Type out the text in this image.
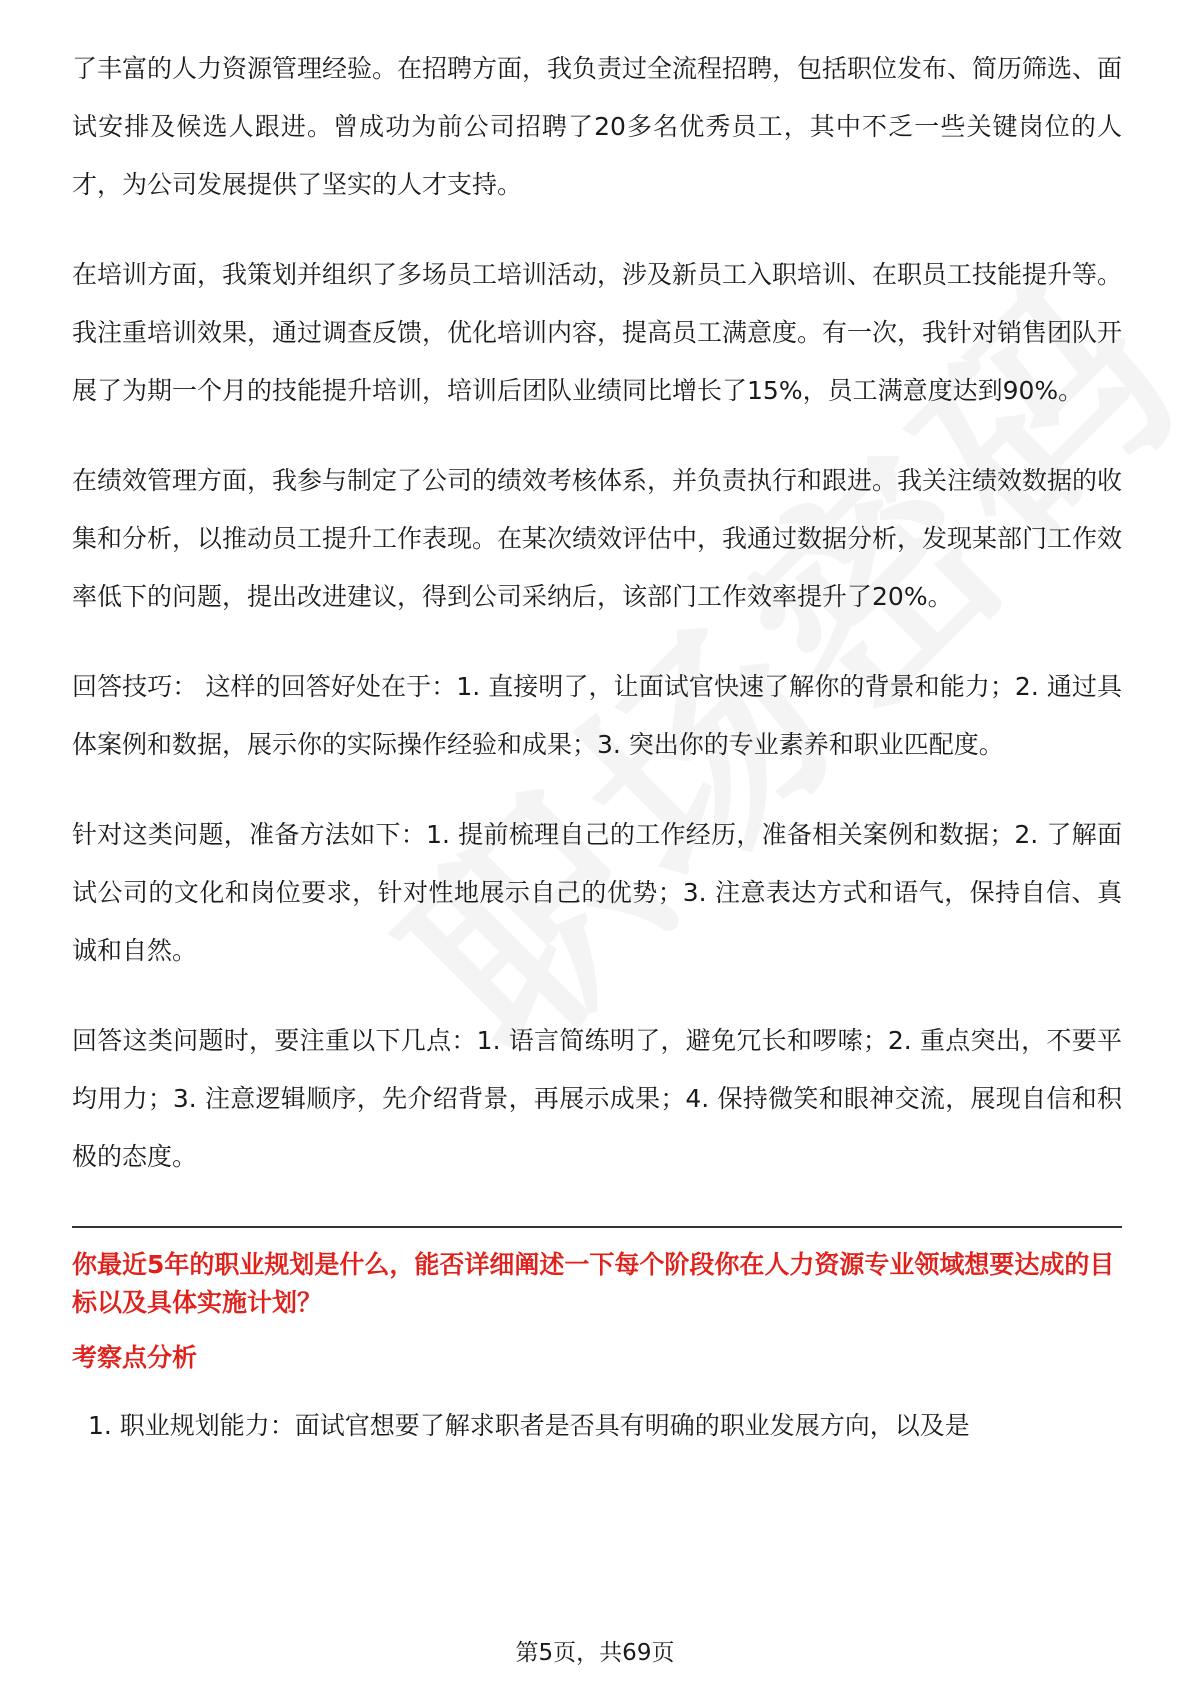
了丰富的人力资源管理经验。在招聘方面，我负责过全流程招聘，包括职位发布、简历筛选、面试安排及候选人跟进。曾成功为前公司招聘了20多名优秀员工，其中不乏一些关键岗位的人才，为公司发展提供了坚实的人才支持。

在培训方面，我策划并组织了多场员工培训活动，涉及新员工入职培训、在职员工技能提升等。我注重培训效果，通过调查反馈，优化培训内容，提高员工满意度。有一次，我针对销售团队开展了为期一个月的技能提升培训，培训后团队业绩同比增长了15%，员工满意度达到90%。

在绩效管理方面，我参与制定了公司的绩效考核体系，并负责执行和跟进。我关注绩效数据的收集和分析，以推动员工提升工作表现。在某次绩效评估中，我通过数据分析，发现某部门工作效率低下的问题，提出改进建议，得到公司采纳后，该部门工作效率提升了20%。

回答技巧： 这样的回答好处在于：1. 直接明了，让面试官快速了解你的背景和能力；2. 通过具体案例和数据，展示你的实际操作经验和成果；3. 突出你的专业素养和职业匹配度。

针对这类问题，准备方法如下：1. 提前梳理自己的工作经历，准备相关案例和数据；2. 了解面试公司的文化和岗位要求，针对性地展示自己的优势；3. 注意表达方式和语气，保持自信、真诚和自然。

回答这类问题时，要注重以下几点：1. 语言简练明了，避免冗长和啰嗦；2. 重点突出，不要平均用力；3. 注意逻辑顺序，先介绍背景，再展示成果；4. 保持微笑和眼神交流，展现自信和积极的态度。

你最近5年的职业规划是什么，能否详细阐述一下每个阶段你在人力资源专业领域想要达成的目标以及具体实施计划？
考察点分析
1. 职业规划能力：面试官想要了解求职者是否具有明确的职业发展方向，以及是
第5页，共69页
